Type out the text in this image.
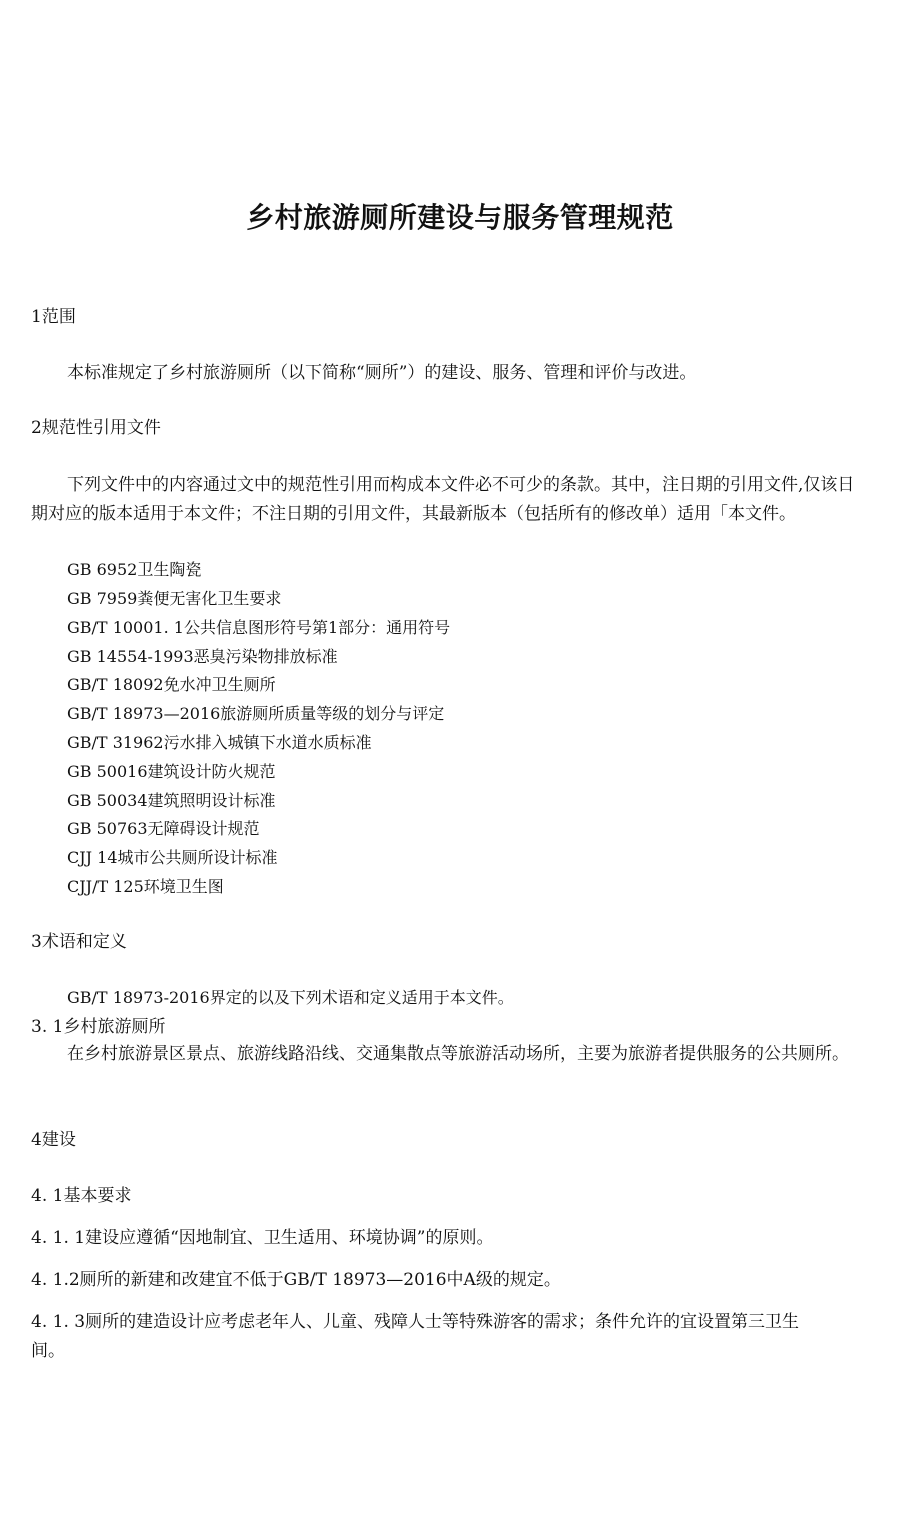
乡村旅游厕所建设与服务管理规范
1范围
本标准规定了乡村旅游厕所（以下简称“厕所”）的建设、服务、管理和评价与改进。
2规范性引用文件
下列文件中的内容通过文中的规范性引用而构成本文件必不可少的条款。其中，注日期的引用文件,仅该日期对应的版本适用于本文件；不注日期的引用文件，其最新版本（包括所有的修改单）适用「本文件。
GB 6952卫生陶瓷
GB 7959粪便无害化卫生要求
GB/T 10001. 1公共信息图形符号第1部分：通用符号
GB 14554-1993恶臭污染物排放标准
GB/T 18092免水冲卫生厕所
GB/T 18973—2016旅游厕所质量等级的划分与评定
GB/T 31962污水排入城镇下水道水质标准
GB 50016建筑设计防火规范
GB 50034建筑照明设计标准
GB 50763无障碍设计规范
CJJ 14城市公共厕所设计标准
CJJ/T 125环境卫生图
3术语和定义
GB/T 18973-2016界定的以及下列术语和定义适用于本文件。
3. 1乡村旅游厕所
在乡村旅游景区景点、旅游线路沿线、交通集散点等旅游活动场所，主要为旅游者提供服务的公共厕所。
4建设
4. 1基本要求
4. 1. 1建设应遵循“因地制宜、卫生适用、环境协调”的原则。
4. 1.2厕所的新建和改建宜不低于GB/T 18973—2016中A级的规定。
4. 1. 3厕所的建造设计应考虑老年人、儿童、残障人士等特殊游客的需求；条件允许的宜设置第三卫生间。
